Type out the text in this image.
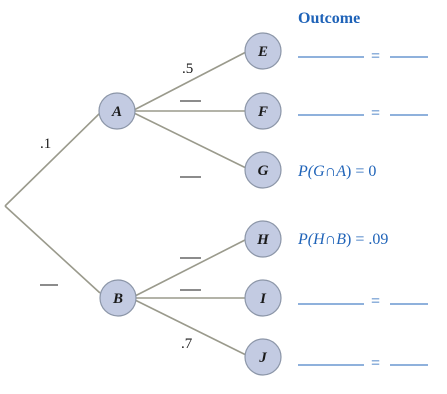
A
B
E
F
G
H
I
J
.1
.5
.7
Outcome
=
=
P(G∩A) = 0
P(H∩B) = .09
=
=
